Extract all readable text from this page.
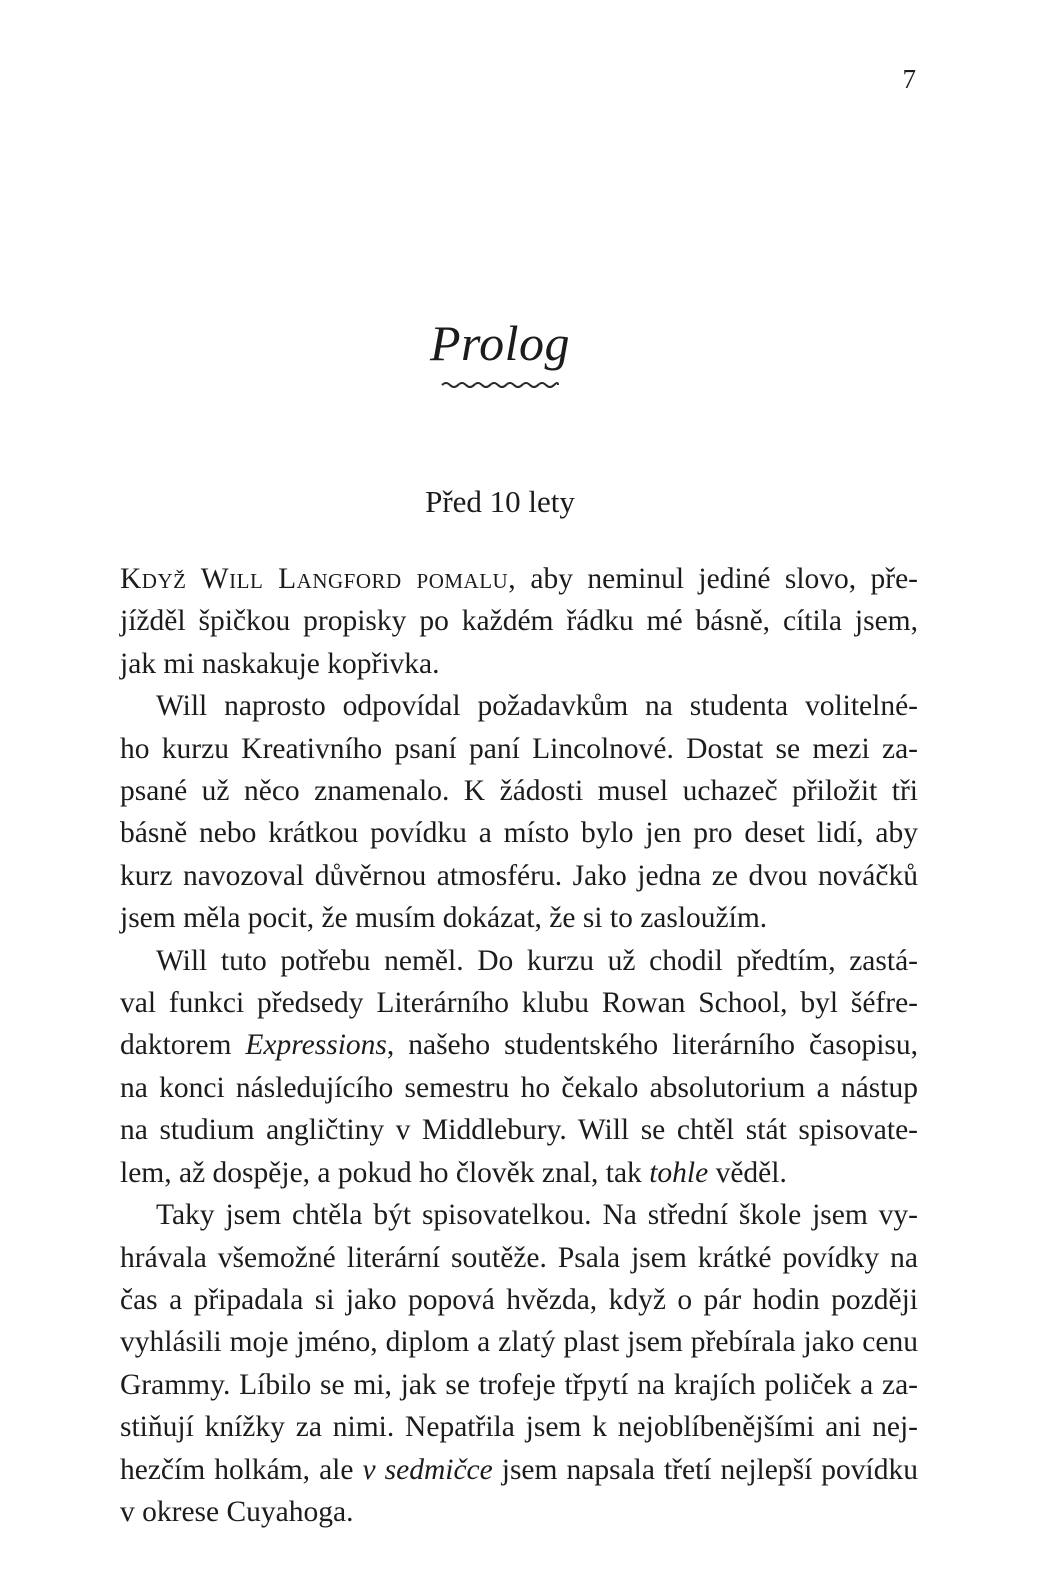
7
Prolog
Před 10 lety

Když Will Langford pomalu, aby neminul jediné slovo, pře-
jížděl špičkou propisky po každém řádku mé básně, cítila jsem,
jak mi naskakuje kopřivka.

Will naprosto odpovídal požadavkům na studenta volitelné-
ho kurzu Kreativního psaní paní Lincolnové. Dostat se mezi za-
psané už něco znamenalo. K žádosti musel uchazeč přiložit tři
básně nebo krátkou povídku a místo bylo jen pro deset lidí, aby
kurz navozoval důvěrnou atmosféru. Jako jedna ze dvou nováčků
jsem měla pocit, že musím dokázat, že si to zasloužím.

Will tuto potřebu neměl. Do kurzu už chodil předtím, zastá-
val funkci předsedy Literárního klubu Rowan School, byl šéfre-
daktorem Expressions, našeho studentského literárního časopisu,
na konci následujícího semestru ho čekalo absolutorium a nástup
na studium angličtiny v Middlebury. Will se chtěl stát spisovate-
lem, až dospěje, a pokud ho člověk znal, tak tohle věděl.

Taky jsem chtěla být spisovatelkou. Na střední škole jsem vy-
hrávala všemožné literární soutěže. Psala jsem krátké povídky na
čas a připadala si jako popová hvězda, když o pár hodin později
vyhlásili moje jméno, diplom a zlatý plast jsem přebírala jako cenu
Grammy. Líbilo se mi, jak se trofeje třpytí na krajích poliček a za-
stiňují knížky za nimi. Nepatřila jsem k nejoblíbenějšími ani nej-
hezčím holkám, ale v sedmičce jsem napsala třetí nejlepší povídku
v okrese Cuyahoga.
